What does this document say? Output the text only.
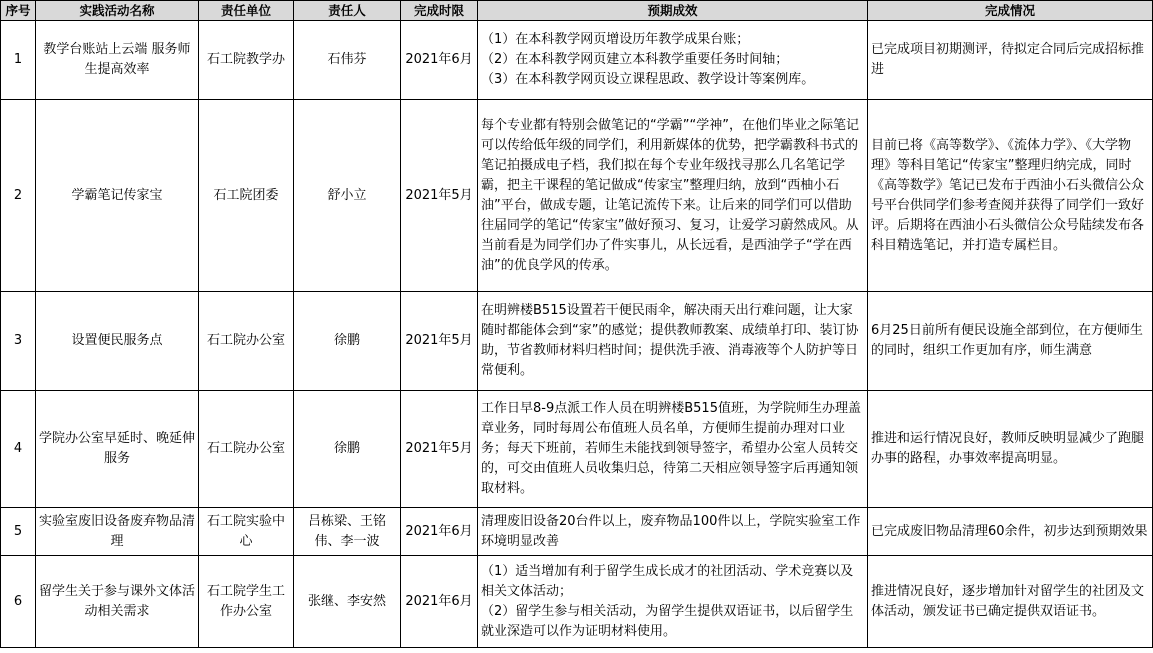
序号	实践活动名称	责任单位	责任人	完成时限	预期成效	完成情况
1	教学台账站上云端 服务师生提高效率	石工院教学办	石伟芬	2021年6月	（1）在本科教学网页增设历年教学成果台账；
（2）在本科教学网页建立本科教学重要任务时间轴；
（3）在本科教学网页设立课程思政、教学设计等案例库。	已完成项目初期测评，待拟定合同后完成招标推进
2	学霸笔记传家宝	石工院团委	舒小立	2021年5月	每个专业都有特别会做笔记的“学霸”“学神”，在他们毕业之际笔记可以传给低年级的同学们，利用新媒体的优势，把学霸教科书式的笔记拍摄成电子档，我们拟在每个专业年级找寻那么几名笔记学霸，把主干课程的笔记做成“传家宝”整理归纳，放到“西柚小石油”平台，做成专题，让笔记流传下来。让后来的同学们可以借助往届同学的笔记“传家宝”做好预习、复习，让爱学习蔚然成风。从当前看是为同学们办了件实事儿，从长远看，是西油学子“学在西油”的优良学风的传承。	目前已将《高等数学》、《流体力学》、《大学物理》等科目笔记“传家宝”整理归纳完成，同时《高等数学》笔记已发布于西油小石头微信公众号平台供同学们参考查阅并获得了同学们一致好评。后期将在西油小石头微信公众号陆续发布各科目精选笔记，并打造专属栏目。
3	设置便民服务点	石工院办公室	徐鹏	2021年5月	在明辨楼B515设置若干便民雨伞，解决雨天出行难问题，让大家随时都能体会到“家”的感觉；提供教师教案、成绩单打印、装订协助，节省教师材料归档时间；提供洗手液、消毒液等个人防护等日常便利。	6月25日前所有便民设施全部到位，在方便师生的同时，组织工作更加有序，师生满意
4	学院办公室早延时、晚延伸服务	石工院办公室	徐鹏	2021年5月	工作日早8-9点派工作人员在明辨楼B515值班，为学院师生办理盖章业务，同时每周公布值班人员名单，方便师生提前办理对口业务；每天下班前，若师生未能找到领导签字，希望办公室人员转交的，可交由值班人员收集归总，待第二天相应领导签字后再通知领取材料。	推进和运行情况良好，教师反映明显减少了跑腿办事的路程，办事效率提高明显。
5	实验室废旧设备废弃物品清理	石工院实验中心	吕栋梁、王铭伟、李一波	2021年6月	清理废旧设备20台件以上，废弃物品100件以上，学院实验室工作环境明显改善	已完成废旧物品清理60余件，初步达到预期效果
6	留学生关于参与课外文体活动相关需求	石工院学生工作办公室	张继、李安然	2021年6月	（1）适当增加有利于留学生成长成才的社团活动、学术竞赛以及相关文体活动；
（2）留学生参与相关活动，为留学生提供双语证书，以后留学生就业深造可以作为证明材料使用。	推进情况良好，逐步增加针对留学生的社团及文体活动，颁发证书已确定提供双语证书。
